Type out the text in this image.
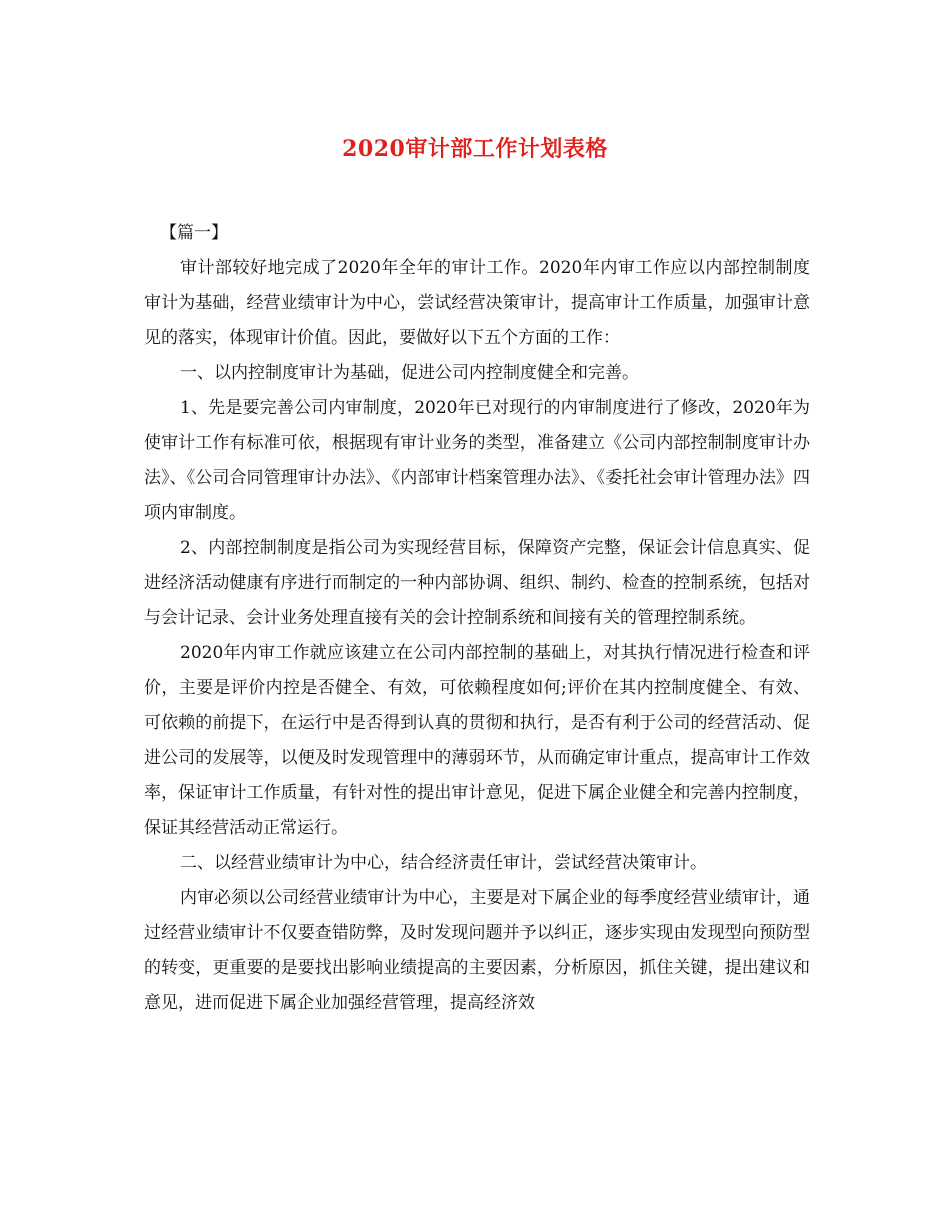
2020审计部工作计划表格

【篇一】

审计部较好地完成了2020年全年的审计工作。2020年内审工作应以内部控制制度审计为基础，经营业绩审计为中心，尝试经营决策审计，提高审计工作质量，加强审计意见的落实，体现审计价值。因此，要做好以下五个方面的工作：

一、以内控制度审计为基础，促进公司内控制度健全和完善。

1、先是要完善公司内审制度，2020年已对现行的内审制度进行了修改，2020年为使审计工作有标准可依，根据现有审计业务的类型，准备建立《公司内部控制制度审计办法》、《公司合同管理审计办法》、《内部审计档案管理办法》、《委托社会审计管理办法》四项内审制度。

2、内部控制制度是指公司为实现经营目标，保障资产完整，保证会计信息真实、促进经济活动健康有序进行而制定的一种内部协调、组织、制约、检查的控制系统，包括对与会计记录、会计业务处理直接有关的会计控制系统和间接有关的管理控制系统。

2020年内审工作就应该建立在公司内部控制的基础上，对其执行情况进行检查和评价，主要是评价内控是否健全、有效，可依赖程度如何;评价在其内控制度健全、有效、可依赖的前提下，在运行中是否得到认真的贯彻和执行，是否有利于公司的经营活动、促进公司的发展等，以便及时发现管理中的薄弱环节，从而确定审计重点，提高审计工作效率，保证审计工作质量，有针对性的提出审计意见，促进下属企业健全和完善内控制度，保证其经营活动正常运行。

二、以经营业绩审计为中心，结合经济责任审计，尝试经营决策审计。

内审必须以公司经营业绩审计为中心，主要是对下属企业的每季度经营业绩审计，通过经营业绩审计不仅要查错防弊，及时发现问题并予以纠正，逐步实现由发现型向预防型的转变，更重要的是要找出影响业绩提高的主要因素，分析原因，抓住关键，提出建议和意见，进而促进下属企业加强经营管理，提高经济效
